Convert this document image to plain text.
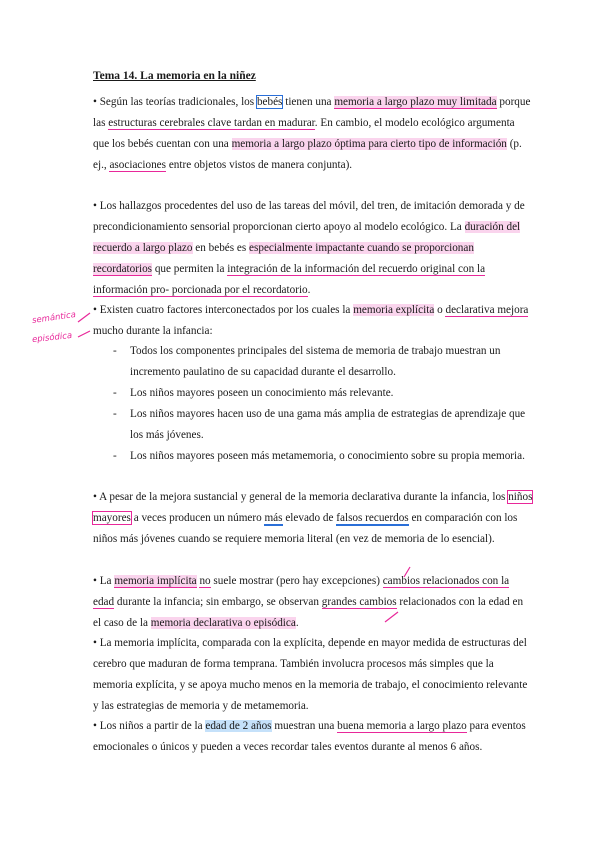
Tema 14. La memoria en la niñez
semántica
episódica

• Según las teorías tradicionales, los bebés tienen una memoria a largo plazo muy limitada porque las estructuras cerebrales clave tardan en madurar. En cambio, el modelo ecológico argumenta que los bebés cuentan con una memoria a largo plazo óptima para cierto tipo de información (p. ej., asociaciones entre objetos vistos de manera conjunta).

• Los hallazgos procedentes del uso de las tareas del móvil, del tren, de imitación demorada y de precondicionamiento sensorial proporcionan cierto apoyo al modelo ecológico. La duración del recuerdo a largo plazo en bebés es especialmente impactante cuando se proporcionan recordatorios que permiten la integración de la información del recuerdo original con la información pro- porcionada por el recordatorio.

• Existen cuatro factores interconectados por los cuales la memoria explícita o declarativa mejora mucho durante la infancia:

- Todos los componentes principales del sistema de memoria de trabajo muestran un incremento paulatino de su capacidad durante el desarrollo.
- Los niños mayores poseen un conocimiento más relevante.
- Los niños mayores hacen uso de una gama más amplia de estrategias de aprendizaje que los más jóvenes.
- Los niños mayores poseen más metamemoria, o conocimiento sobre su propia memoria.

• A pesar de la mejora sustancial y general de la memoria declarativa durante la infancia, los niños mayores a veces producen un número más elevado de falsos recuerdos en comparación con los niños más jóvenes cuando se requiere memoria literal (en vez de memoria de lo esencial).

• La memoria implícita no suele mostrar (pero hay excepciones) cambios relacionados con la edad durante la infancia; sin embargo, se observan grandes cambios relacionados con la edad en el caso de la memoria declarativa o episódica.

• La memoria implícita, comparada con la explícita, depende en mayor medida de estructuras del cerebro que maduran de forma temprana. También involucra procesos más simples que la memoria explícita, y se apoya mucho menos en la memoria de trabajo, el conocimiento relevante y las estrategias de memoria y de metamemoria.

• Los niños a partir de la edad de 2 años muestran una buena memoria a largo plazo para eventos emocionales o únicos y pueden a veces recordar tales eventos durante al menos 6 años.
